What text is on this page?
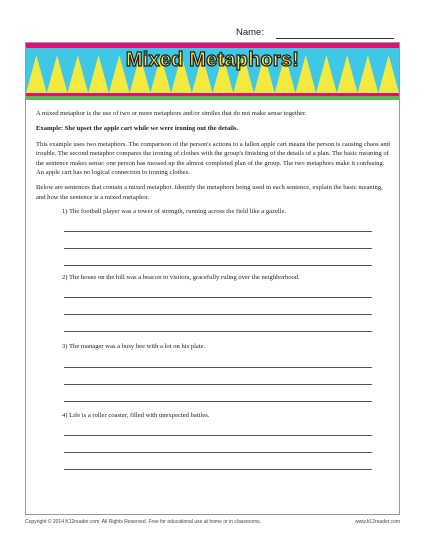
Name:
Mixed Metaphors!

A mixed metaphor is the use of two or more metaphors and/or similes that do not make sense together.

Example: She upset the apple cart while we were ironing out the details.

This example uses two metaphors. The comparison of the person's actions to a fallen apple cart means the person is causing chaos and trouble. The second metaphor compares the ironing of clothes with the group's finishing of the details of a plan. The basic meaning of the sentence makes sense: one person has messed up the almost completed plan of the group. The two metaphors make it confusing. An apple cart has no logical connection to ironing clothes.

Below are sentences that contain a mixed metaphor. Identify the metaphors being used in each sentence, explain the basic meaning, and how the sentence is a mixed metaphor.

1) The football player was a tower of strength, running across the field like a gazelle.
2) The house on the hill was a beacon to visitors, gracefully ruling over the neighborhood.
3) The manager was a busy bee with a lot on his plate.
4) Life is a roller coaster, filled with unexpected battles.
Copyright © 2014 K12reader.com. All Rights Reserved. Free for educational use at home or in classrooms.	www.k12reader.com
